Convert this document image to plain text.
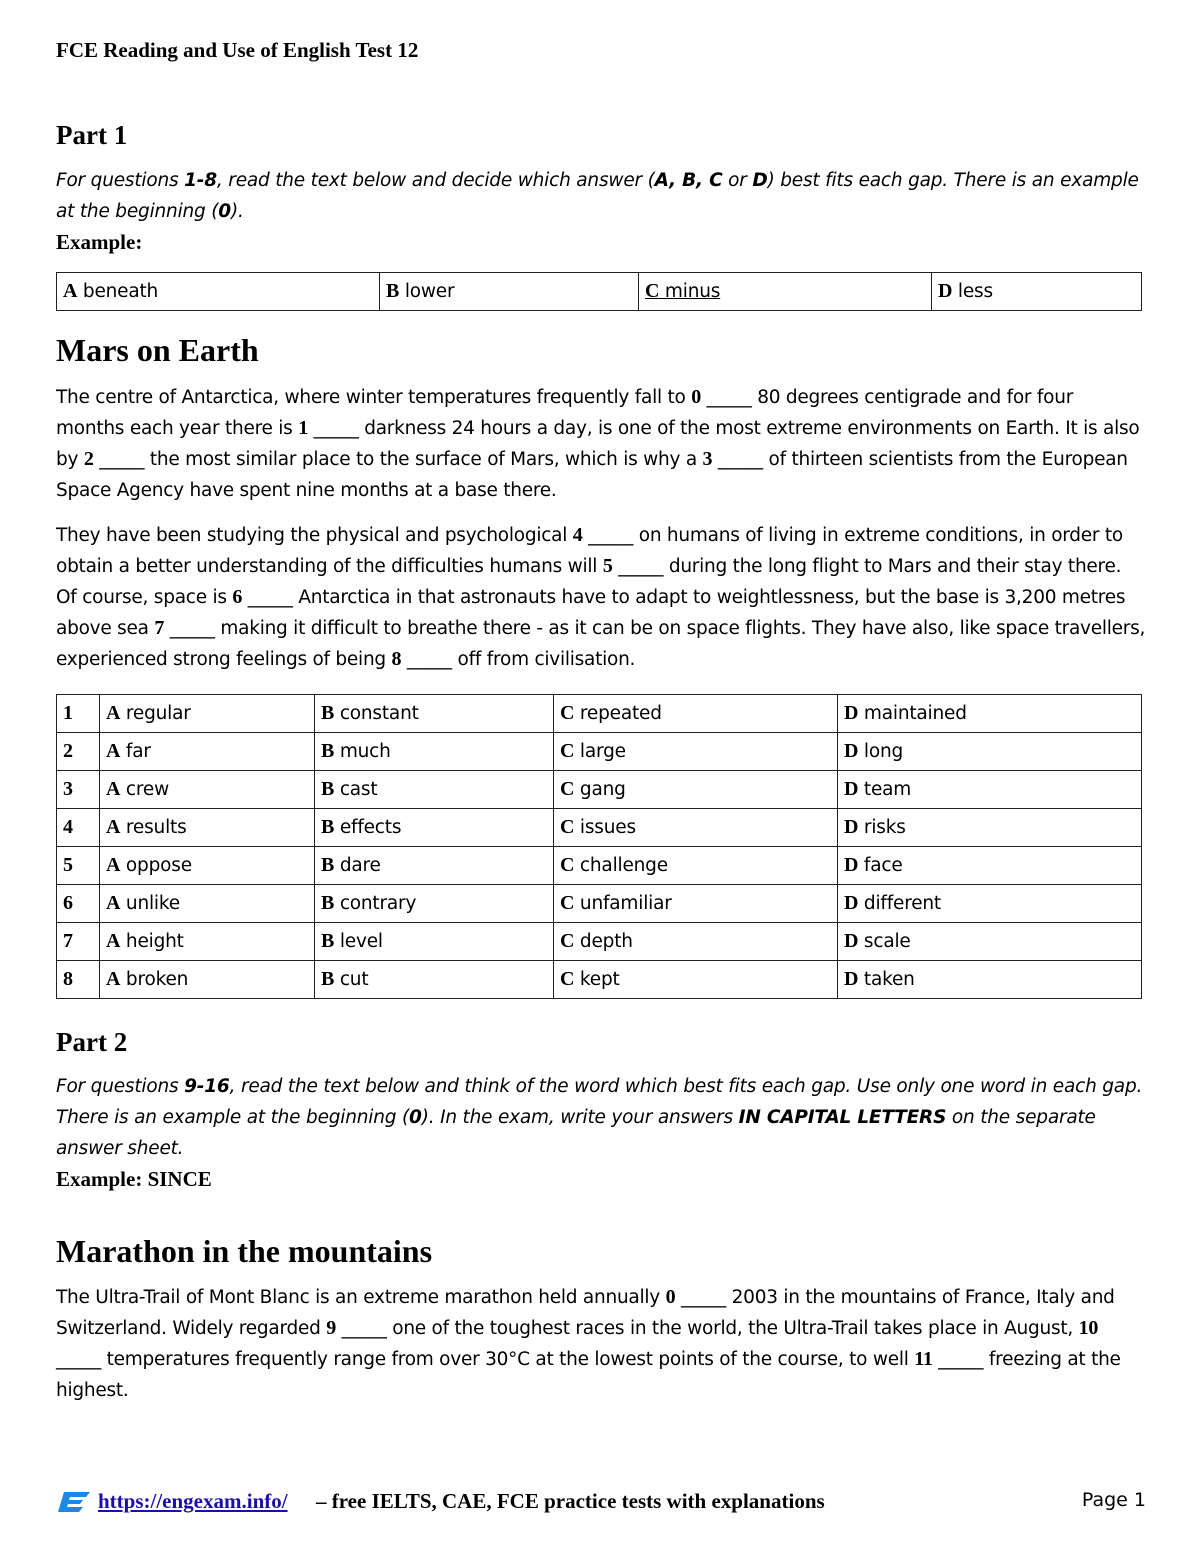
FCE Reading and Use of English Test 12
Part 1

For questions 1-8, read the text below and decide which answer (A, B, C or D) best fits each gap. There is an example at the beginning (0).

Example:
A beneath	B lower	C minus	D less
Mars on Earth

The centre of Antarctica, where winter temperatures frequently fall to 0 _____ 80 degrees centigrade and for four months each year there is 1 _____ darkness 24 hours a day, is one of the most extreme environments on Earth. It is also by 2 _____ the most similar place to the surface of Mars, which is why a 3 _____ of thirteen scientists from the European Space Agency have spent nine months at a base there.

They have been studying the physical and psychological 4 _____ on humans of living in extreme conditions, in order to obtain a better understanding of the difficulties humans will 5 _____ during the long flight to Mars and their stay there. Of course, space is 6 _____ Antarctica in that astronauts have to adapt to weightlessness, but the base is 3,200 metres above sea 7 _____ making it difficult to breathe there - as it can be on space flights. They have also, like space travellers, experienced strong feelings of being 8 _____ off from civilisation.

1	A regular	B constant	C repeated	D maintained
2	A far	B much	C large	D long
3	A crew	B cast	C gang	D team
4	A results	B effects	C issues	D risks
5	A oppose	B dare	C challenge	D face
6	A unlike	B contrary	C unfamiliar	D different
7	A height	B level	C depth	D scale
8	A broken	B cut	C kept	D taken
Part 2

For questions 9-16, read the text below and think of the word which best fits each gap. Use only one word in each gap. There is an example at the beginning (0). In the exam, write your answers IN CAPITAL LETTERS on the separate answer sheet.

Example: SINCE
Marathon in the mountains

The Ultra-Trail of Mont Blanc is an extreme marathon held annually 0 _____ 2003 in the mountains of France, Italy and Switzerland. Widely regarded 9 _____ one of the toughest races in the world, the Ultra-Trail takes place in August, 10 _____ temperatures frequently range from over 30°C at the lowest points of the course, to well 11 _____ freezing at the highest.

https://engexam.info/ – free IELTS, CAE, FCE practice tests with explanations	Page 1
